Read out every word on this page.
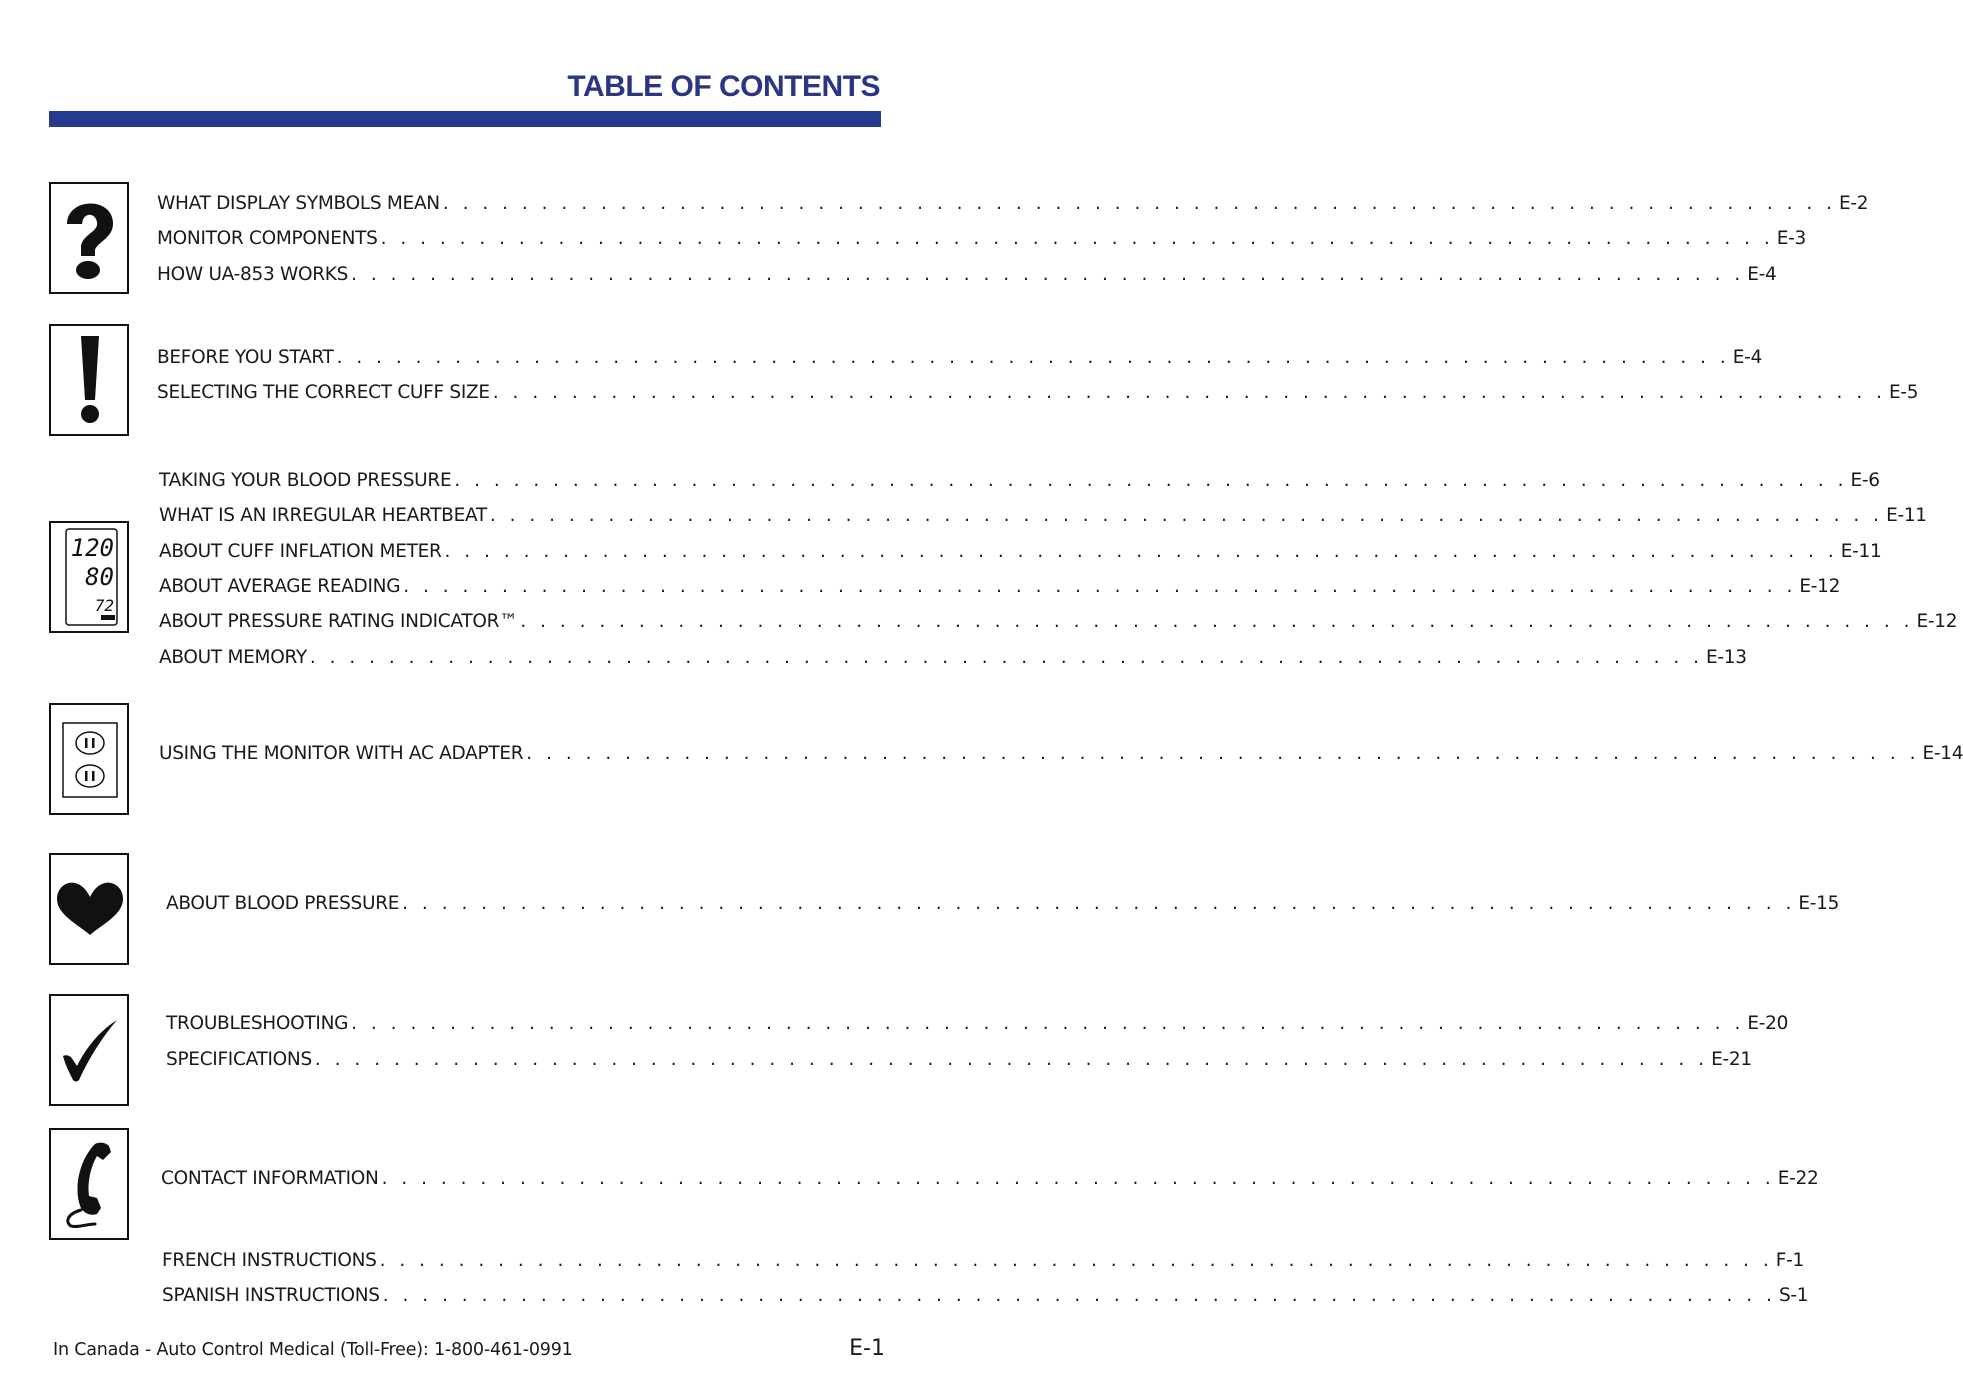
TABLE OF CONTENTS
120
80
72
WHAT DISPLAY SYMBOLS MEAN . . . . . . . . . . . . . . . . . . . . . . . . . . . . . . . . . . . . . . . . . . . . . . . . . . . . . . . . . . . . . . . . . . . . . . . E-2
MONITOR COMPONENTS . . . . . . . . . . . . . . . . . . . . . . . . . . . . . . . . . . . . . . . . . . . . . . . . . . . . . . . . . . . . . . . . . . . . . . . E-3
HOW UA-853 WORKS . . . . . . . . . . . . . . . . . . . . . . . . . . . . . . . . . . . . . . . . . . . . . . . . . . . . . . . . . . . . . . . . . . . . . . . E-4
BEFORE YOU START . . . . . . . . . . . . . . . . . . . . . . . . . . . . . . . . . . . . . . . . . . . . . . . . . . . . . . . . . . . . . . . . . . . . . . . E-4
SELECTING THE CORRECT CUFF SIZE . . . . . . . . . . . . . . . . . . . . . . . . . . . . . . . . . . . . . . . . . . . . . . . . . . . . . . . . . . . . . . . . . . . . . . . E-5
TAKING YOUR BLOOD PRESSURE . . . . . . . . . . . . . . . . . . . . . . . . . . . . . . . . . . . . . . . . . . . . . . . . . . . . . . . . . . . . . . . . . . . . . . . E-6
WHAT IS AN IRREGULAR HEARTBEAT . . . . . . . . . . . . . . . . . . . . . . . . . . . . . . . . . . . . . . . . . . . . . . . . . . . . . . . . . . . . . . . . . . . . . . . E-11
ABOUT CUFF INFLATION METER . . . . . . . . . . . . . . . . . . . . . . . . . . . . . . . . . . . . . . . . . . . . . . . . . . . . . . . . . . . . . . . . . . . . . . . E-11
ABOUT AVERAGE READING . . . . . . . . . . . . . . . . . . . . . . . . . . . . . . . . . . . . . . . . . . . . . . . . . . . . . . . . . . . . . . . . . . . . . . . E-12
ABOUT PRESSURE RATING INDICATOR™ . . . . . . . . . . . . . . . . . . . . . . . . . . . . . . . . . . . . . . . . . . . . . . . . . . . . . . . . . . . . . . . . . . . . . . . E-12
ABOUT MEMORY . . . . . . . . . . . . . . . . . . . . . . . . . . . . . . . . . . . . . . . . . . . . . . . . . . . . . . . . . . . . . . . . . . . . . . . E-13
USING THE MONITOR WITH AC ADAPTER . . . . . . . . . . . . . . . . . . . . . . . . . . . . . . . . . . . . . . . . . . . . . . . . . . . . . . . . . . . . . . . . . . . . . . . E-14
ABOUT BLOOD PRESSURE . . . . . . . . . . . . . . . . . . . . . . . . . . . . . . . . . . . . . . . . . . . . . . . . . . . . . . . . . . . . . . . . . . . . . . . E-15
TROUBLESHOOTING . . . . . . . . . . . . . . . . . . . . . . . . . . . . . . . . . . . . . . . . . . . . . . . . . . . . . . . . . . . . . . . . . . . . . . . E-20
SPECIFICATIONS . . . . . . . . . . . . . . . . . . . . . . . . . . . . . . . . . . . . . . . . . . . . . . . . . . . . . . . . . . . . . . . . . . . . . . . E-21
CONTACT INFORMATION . . . . . . . . . . . . . . . . . . . . . . . . . . . . . . . . . . . . . . . . . . . . . . . . . . . . . . . . . . . . . . . . . . . . . . . E-22
FRENCH INSTRUCTIONS . . . . . . . . . . . . . . . . . . . . . . . . . . . . . . . . . . . . . . . . . . . . . . . . . . . . . . . . . . . . . . . . . . . . . . . F-1
SPANISH INSTRUCTIONS . . . . . . . . . . . . . . . . . . . . . . . . . . . . . . . . . . . . . . . . . . . . . . . . . . . . . . . . . . . . . . . . . . . . . . . S-1
In Canada - Auto Control Medical (Toll-Free): 1-800-461-0991	E-1
